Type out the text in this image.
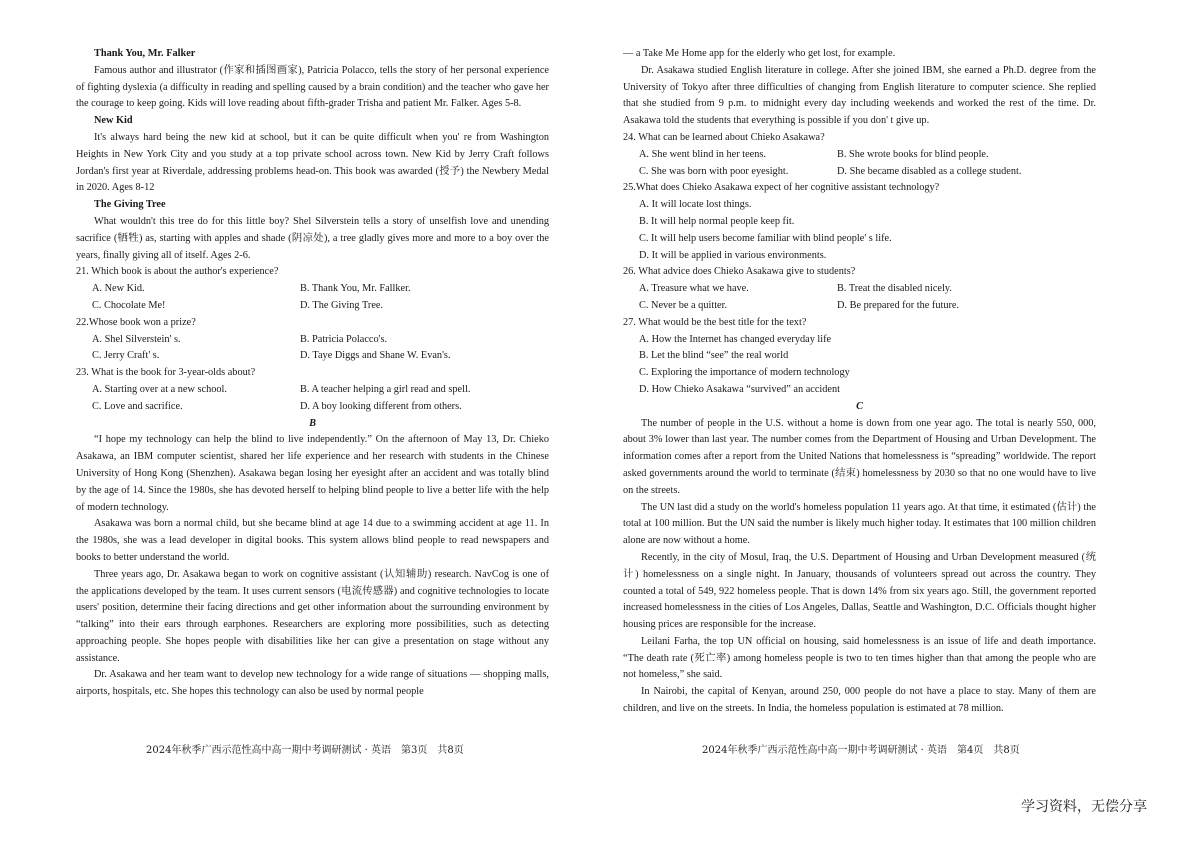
Thank You, Mr. Falker

Famous author and illustrator (作家和插图画家), Patricia Polacco, tells the story of her personal experience of fighting dyslexia (a difficulty in reading and spelling caused by a brain condition) and the teacher who gave her the courage to keep going. Kids will love reading about fifth-grader Trisha and patient Mr. Falker. Ages 5-8.

New Kid

It's always hard being the new kid at school, but it can be quite difficult when you' re from Washington Heights in New York City and you study at a top private school across town. New Kid by Jerry Craft follows Jordan's first year at Riverdale, addressing problems head-on. This book was awarded (授予) the Newbery Medal in 2020. Ages 8-12

The Giving Tree

What wouldn't this tree do for this little boy? Shel Silverstein tells a story of unselfish love and unending sacrifice (牺牲) as, starting with apples and shade (阴凉处), a tree gladly gives more and more to a boy over the years, finally giving all of itself. Ages 2-6.

21. Which book is about the author's experience?

A. New Kid.	B. Thank You, Mr. Fallker.
C. Chocolate Me!	D. The Giving Tree.

22.Whose book won a prize?

A. Shel Silverstein' s.	B. Patricia Polacco's.
C. Jerry Craft' s.	D. Taye Diggs and Shane W. Evan's.

23. What is the book for 3-year-olds about?

A. Starting over at a new school.	B. A teacher helping a girl read and spell.
C. Love and sacrifice.	D. A boy looking different from others.

B

“I hope my technology can help the blind to live independently.” On the afternoon of May 13, Dr. Chieko Asakawa, an IBM computer scientist, shared her life experience and her research with students in the Chinese University of Hong Kong (Shenzhen). Asakawa began losing her eyesight after an accident and was totally blind by the age of 14. Since the 1980s, she has devoted herself to helping blind people to live a better life with the help of modern technology.

Asakawa was born a normal child, but she became blind at age 14 due to a swimming accident at age 11. In the 1980s, she was a lead developer in digital books. This system allows blind people to read newspapers and books to better understand the world.

Three years ago, Dr. Asakawa began to work on cognitive assistant (认知辅助) research. NavCog is one of the applications developed by the team. It uses current sensors (电流传感器) and cognitive technologies to locate users' position, determine their facing directions and get other information about the surrounding environment by “talking” into their ears through earphones. Researchers are exploring more possibilities, such as detecting approaching people. She hopes people with disabilities like her can give a presentation on stage without any assistance.

Dr. Asakawa and her team want to develop new technology for a wide range of situations — shopping malls, airports, hospitals, etc. She hopes this technology can also be used by normal people

2024年秋季广西示范性高中高一期中考调研测试 · 英语　第3页　共8页

— a Take Me Home app for the elderly who get lost, for example.

Dr. Asakawa studied English literature in college. After she joined IBM, she earned a Ph.D. degree from the University of Tokyo after three difficulties of changing from English literature to computer science. She replied that she studied from 9 p.m. to midnight every day including weekends and worked the rest of the time. Dr. Asakawa told the students that everything is possible if you don' t give up.

24. What can be learned about Chieko Asakawa?

A. She went blind in her teens.	B. She wrote books for blind people.
C. She was born with poor eyesight.	D. She became disabled as a college student.

25.What does Chieko Asakawa expect of her cognitive assistant technology?

A. It will locate lost things.
B. It will help normal people keep fit.
C. It will help users become familiar with blind people' s life.
D. It will be applied in various environments.

26. What advice does Chieko Asakawa give to students?

A. Treasure what we have.	B. Treat the disabled nicely.
C. Never be a quitter.	D. Be prepared for the future.

27. What would be the best title for the text?

A. How the Internet has changed everyday life
B. Let the blind “see” the real world
C. Exploring the importance of modern technology
D. How Chieko Asakawa “survived” an accident

C

The number of people in the U.S. without a home is down from one year ago. The total is nearly 550, 000, about 3% lower than last year. The number comes from the Department of Housing and Urban Development. The information comes after a report from the United Nations that homelessness is “spreading” worldwide. The report asked governments around the world to terminate (结束) homelessness by 2030 so that no one would have to live on the streets.

The UN last did a study on the world's homeless population 11 years ago. At that time, it estimated (估计) the total at 100 million. But the UN said the number is likely much higher today. It estimates that 100 million children alone are now without a home.

Recently, in the city of Mosul, Iraq, the U.S. Department of Housing and Urban Development measured (统计) homelessness on a single night. In January, thousands of volunteers spread out across the country. They counted a total of 549, 922 homeless people. That is down 14% from six years ago. Still, the government reported increased homelessness in the cities of Los Angeles, Dallas, Seattle and Washington, D.C. Officials thought higher housing prices are responsible for the increase.

Leilani Farha, the top UN official on housing, said homelessness is an issue of life and death importance. “The death rate (死亡率) among homeless people is two to ten times higher than that among the people who are not homeless,” she said.

In Nairobi, the capital of Kenyan, around 250, 000 people do not have a place to stay. Many of them are children, and live on the streets. In India, the homeless population is estimated at 78 million.

2024年秋季广西示范性高中高一期中考调研测试 · 英语　第4页　共8页
学习资料，无偿分享
